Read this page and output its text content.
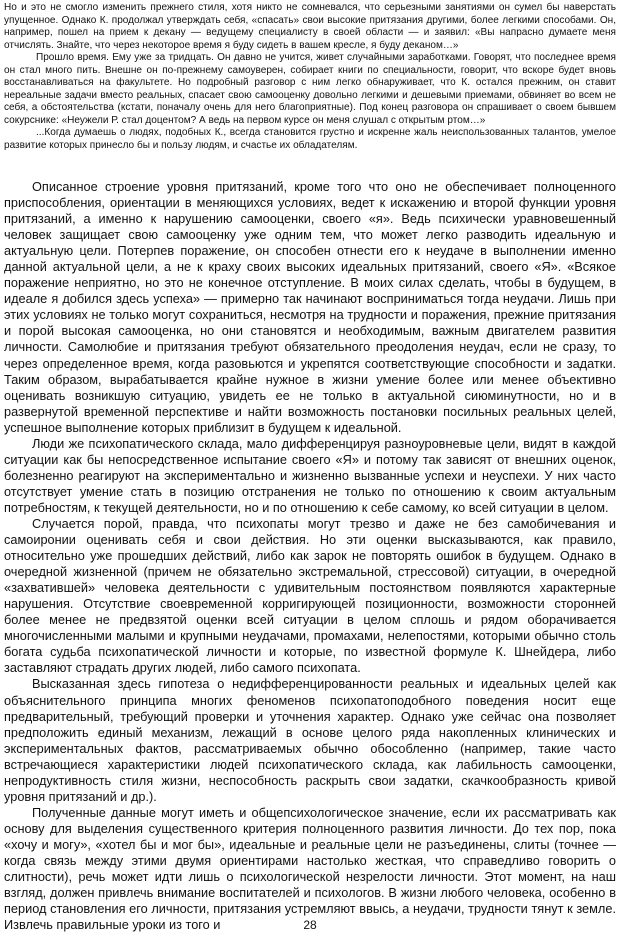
Но и это не смогло изменить прежнего стиля, хотя никто не сомневался, что серьезными занятиями он сумел бы наверстать упущенное. Однако К. продолжал утверждать себя, «спасать» свои высокие притязания другими, более легкими способами. Он, например, пошел на прием к декану — ведущему специалисту в своей области — и заявил: «Вы напрасно думаете меня отчислять. Знайте, что через некоторое время я буду сидеть в вашем кресле, я буду деканом…»

Прошло время. Ему уже за тридцать. Он давно не учится, живет случайными заработками. Говорят, что последнее время он стал много пить. Внешне он по-прежнему самоуверен, собирает книги по специальности, говорит, что вскоре будет вновь восстанавливаться на факультете. Но подробный разговор с ним легко обнаруживает, что К. остался прежним, он ставит нереальные задачи вместо реальных, спасает свою самооценку довольно легкими и дешевыми приемами, обвиняет во всем не себя, а обстоятельства (кстати, поначалу очень для него благоприятные). Под конец разговора он спрашивает о своем бывшем сокурснике: «Неужели Р. стал доцентом? А ведь на первом курсе он меня слушал с открытым ртом…»

...Когда думаешь о людях, подобных К., всегда становится грустно и искренне жаль неиспользованных талантов, умелое развитие которых принесло бы и пользу людям, и счастье их обладателям.

Описанное строение уровня притязаний, кроме того что оно не обеспечивает полноценного приспособления, ориентации в меняющихся условиях, ведет к искажению и второй функции уровня притязаний, а именно к нарушению самооценки, своего «я». Ведь психически уравновешенный человек защищает свою самооценку уже одним тем, что может легко разводить идеальную и актуальную цели. Потерпев поражение, он способен отнести его к неудаче в выполнении именно данной актуальной цели, а не к краху своих высоких идеальных притязаний, своего «Я». «Всякое поражение неприятно, но это не конечное отступление. В моих силах сделать, чтобы в будущем, в идеале я добился здесь успеха» — примерно так начинают восприниматься тогда неудачи. Лишь при этих условиях не только могут сохраниться, несмотря на трудности и поражения, прежние притязания и порой высокая самооценка, но они становятся и необходимым, важным двигателем развития личности. Самолюбие и притязания требуют обязательного преодоления неудач, если не сразу, то через определенное время, когда разовьются и укрепятся соответствующие способности и задатки. Таким образом, вырабатывается крайне нужное в жизни умение более или менее объективно оценивать возникшую ситуацию, увидеть ее не только в актуальной сиюминутности, но и в развернутой временной перспективе и найти возможность постановки посильных реальных целей, успешное выполнение которых приблизит в будущем к идеальной.

Люди же психопатического склада, мало дифференцируя разноуровневые цели, видят в каждой ситуации как бы непосредственное испытание своего «Я» и потому так зависят от внешних оценок, болезненно реагируют на экспериментально и жизненно вызванные успехи и неуспехи. У них часто отсутствует умение стать в позицию отстранения не только по отношению к своим актуальным потребностям, к текущей деятельности, но и по отношению к себе самому, ко всей ситуации в целом.

Случается порой, правда, что психопаты могут трезво и даже не без самобичевания и самоиронии оценивать себя и свои действия. Но эти оценки высказываются, как правило, относительно уже прошедших действий, либо как зарок не повторять ошибок в будущем. Однако в очередной жизненной (причем не обязательно экстремальной, стрессовой) ситуации, в очередной «захватившей» человека деятельности с удивительным постоянством появляются характерные нарушения. Отсутствие своевременной корригирующей позиционности, возможности сторонней более менее не предвзятой оценки всей ситуации в целом сплошь и рядом оборачивается многочисленными малыми и крупными неудачами, промахами, нелепостями, которыми обычно столь богата судьба психопатической личности и которые, по известной формуле К. Шнейдера, либо заставляют страдать других людей, либо самого психопата.

Высказанная здесь гипотеза о недифференцированности реальных и идеальных целей как объяснительного принципа многих феноменов психопатоподобного поведения носит еще предварительный, требующий проверки и уточнения характер. Однако уже сейчас она позволяет предположить единый механизм, лежащий в основе целого ряда накопленных клинических и экспериментальных фактов, рассматриваемых обычно обособленно (например, такие часто встречающиеся характеристики людей психопатического склада, как лабильность самооценки, непродуктивность стиля жизни, неспособность раскрыть свои задатки, скачкообразность кривой уровня притязаний и др.).

Полученные данные могут иметь и общепсихологическое значение, если их рассматривать как основу для выделения существенного критерия полноценного развития личности. До тех пор, пока «хочу и могу», «хотел бы и мог бы», идеальные и реальные цели не разъединены, слиты (точнее — когда связь между этими двумя ориентирами настолько жесткая, что справедливо говорить о слитности), речь может идти лишь о психологической незрелости личности. Этот момент, на наш взгляд, должен привлечь внимание воспитателей и психологов. В жизни любого человека, особенно в период становления его личности, притязания устремляют ввысь, а неудачи, трудности тянут к земле. Извлечь правильные уроки из того и	28
